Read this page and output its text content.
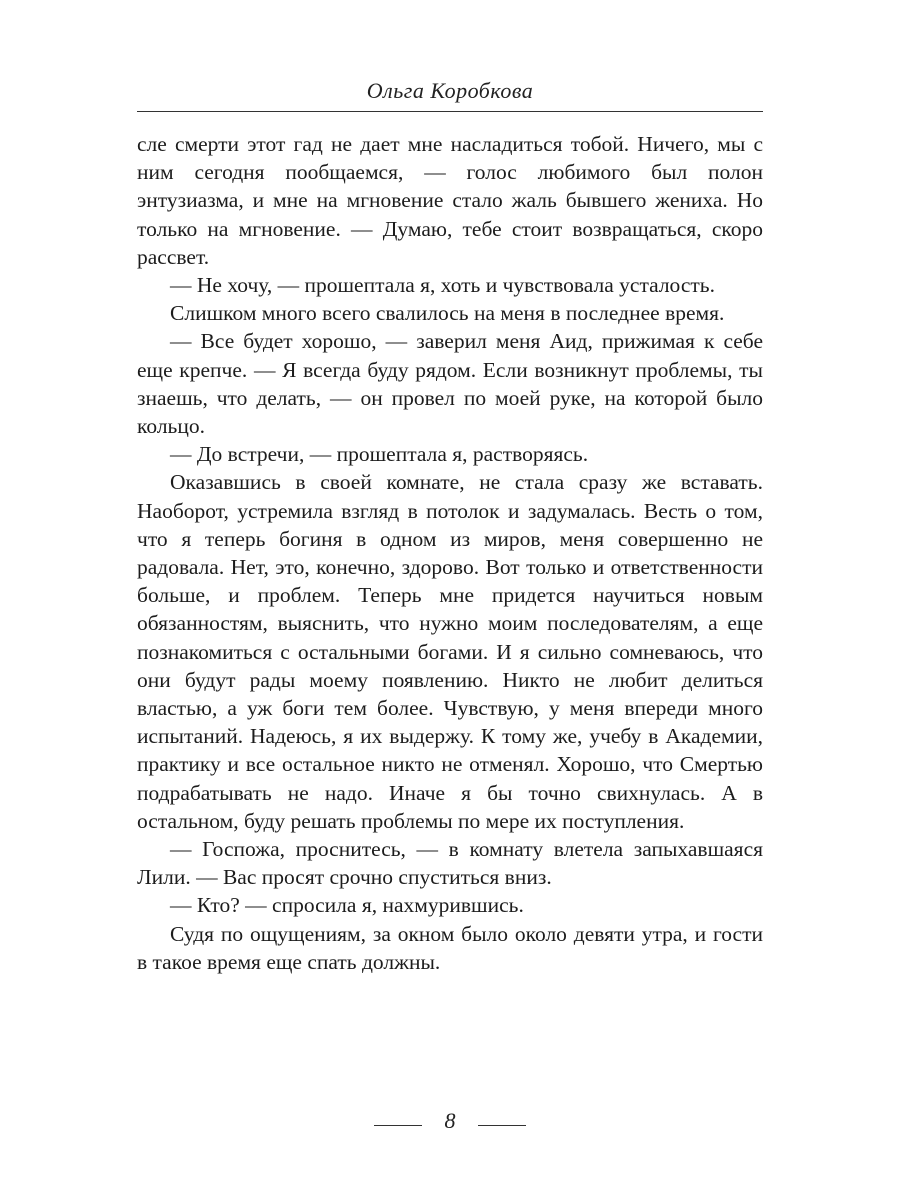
Ольга Коробкова

сле смерти этот гад не дает мне насладиться тобой. Ничего, мы с ним сегодня пообщаемся, — голос любимого был полон энтузиазма, и мне на мгновение стало жаль бывшего жениха. Но только на мгновение. — Думаю, тебе стоит возвращаться, скоро рассвет.

— Не хочу, — прошептала я, хоть и чувствовала усталость.

Слишком много всего свалилось на меня в последнее время.

— Все будет хорошо, — заверил меня Аид, прижимая к себе еще крепче. — Я всегда буду рядом. Если возникнут проблемы, ты знаешь, что делать, — он провел по моей руке, на которой было кольцо.

— До встречи, — прошептала я, растворяясь.

Оказавшись в своей комнате, не стала сразу же вставать. Наоборот, устремила взгляд в потолок и задумалась. Весть о том, что я теперь богиня в одном из миров, меня совершенно не радовала. Нет, это, конечно, здорово. Вот только и ответственности больше, и проблем. Теперь мне придется научиться новым обязанностям, выяснить, что нужно моим последователям, а еще познакомиться с остальными богами. И я сильно сомневаюсь, что они будут рады моему появлению. Никто не любит делиться властью, а уж боги тем более. Чувствую, у меня впереди много испытаний. Надеюсь, я их выдержу. К тому же, учебу в Академии, практику и все остальное никто не отменял. Хорошо, что Смертью подрабатывать не надо. Иначе я бы точно свихнулась. А в остальном, буду решать проблемы по мере их поступления.

— Госпожа, проснитесь, — в комнату влетела запыхавшаяся Лили. — Вас просят срочно спуститься вниз.

— Кто? — спросила я, нахмурившись.

Судя по ощущениям, за окном было около девяти утра, и гости в такое время еще спать должны.

8
